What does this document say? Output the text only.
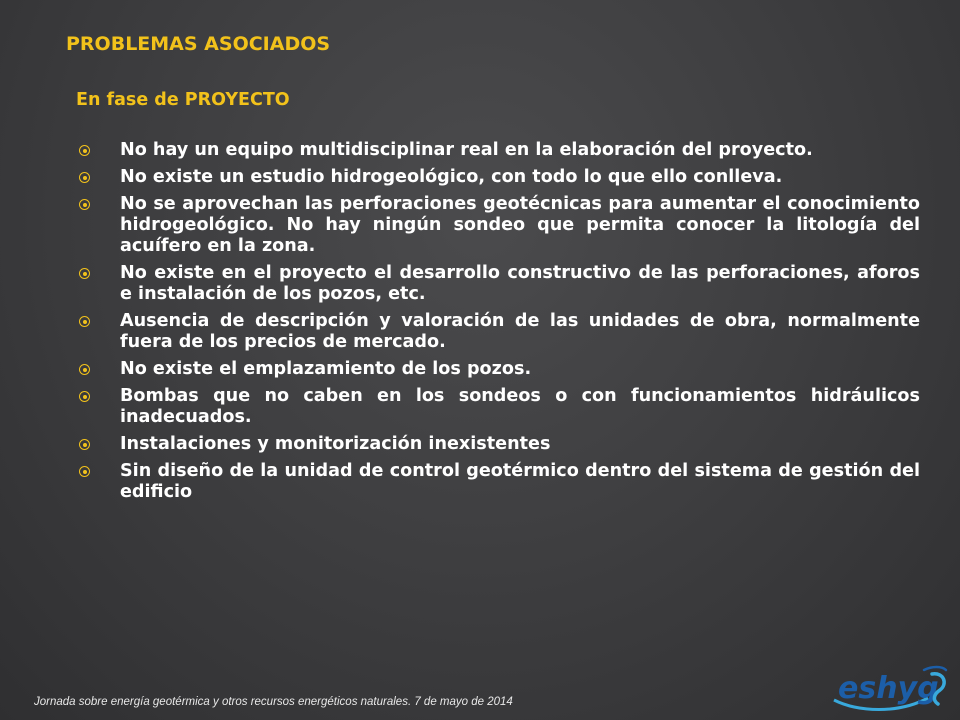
PROBLEMAS ASOCIADOS
En fase de PROYECTO
No hay un equipo multidisciplinar real en la elaboración del proyecto.
No existe un estudio hidrogeológico, con todo lo que ello conlleva.
No se aprovechan las perforaciones geotécnicas para aumentar el conocimiento hidrogeológico. No hay ningún sondeo que permita conocer la litología del acuífero en la zona.
No existe en el proyecto el desarrollo constructivo de las perforaciones, aforos e instalación de los pozos, etc.
Ausencia de descripción y valoración de las unidades de obra, normalmente fuera de los precios de mercado.
No existe el emplazamiento de los pozos.
Bombas que no caben en los sondeos o con funcionamientos hidráulicos inadecuados.
Instalaciones y monitorización inexistentes
Sin diseño de la unidad de control geotérmico dentro del sistema de gestión del edificio
Jornada sobre energía geotérmica y otros recursos energéticos naturales. 7 de mayo de 2014	eshyg
